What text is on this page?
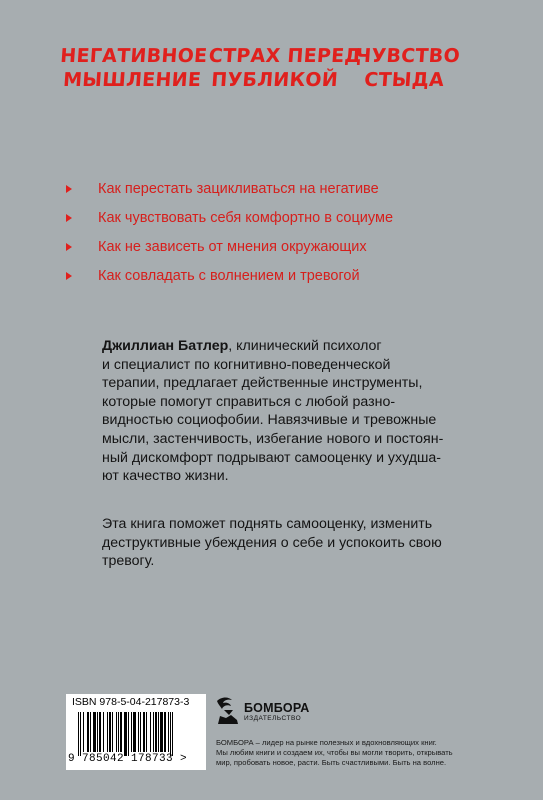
НЕГАТИВНОЕ
МЫШЛЕНИЕ
СТРАХ ПЕРЕД
ПУБЛИКОЙ
ЧУВСТВО
СТЫДА
Как перестать зацикливаться на негативе
Как чувствовать себя комфортно в социуме
Как не зависеть от мнения окружающих
Как совладать с волнением и тревогой
Джиллиан Батлер, клинический психолог
и специалист по когнитивно-поведенческой
терапии, предлагает действенные инструменты,
которые помогут справиться с любой разно-
видностью социофобии. Навязчивые и тревожные
мысли, застенчивость, избегание нового и постоян-
ный дискомфорт подрывают самооценку и ухудша-
ют качество жизни.
Эта книга поможет поднять самооценку, изменить
деструктивные убеждения о себе и успокоить свою
тревогу.
ISBN 978-5-04-217873-3
9 785042 178733 >
БОМБОРА
ИЗДАТЕЛЬСТВО
БОМБОРА – лидер на рынке полезных и вдохновляющих книг.
Мы любим книги и создаем их, чтобы вы могли творить, открывать
мир, пробовать новое, расти. Быть счастливыми. Быть на волне.
